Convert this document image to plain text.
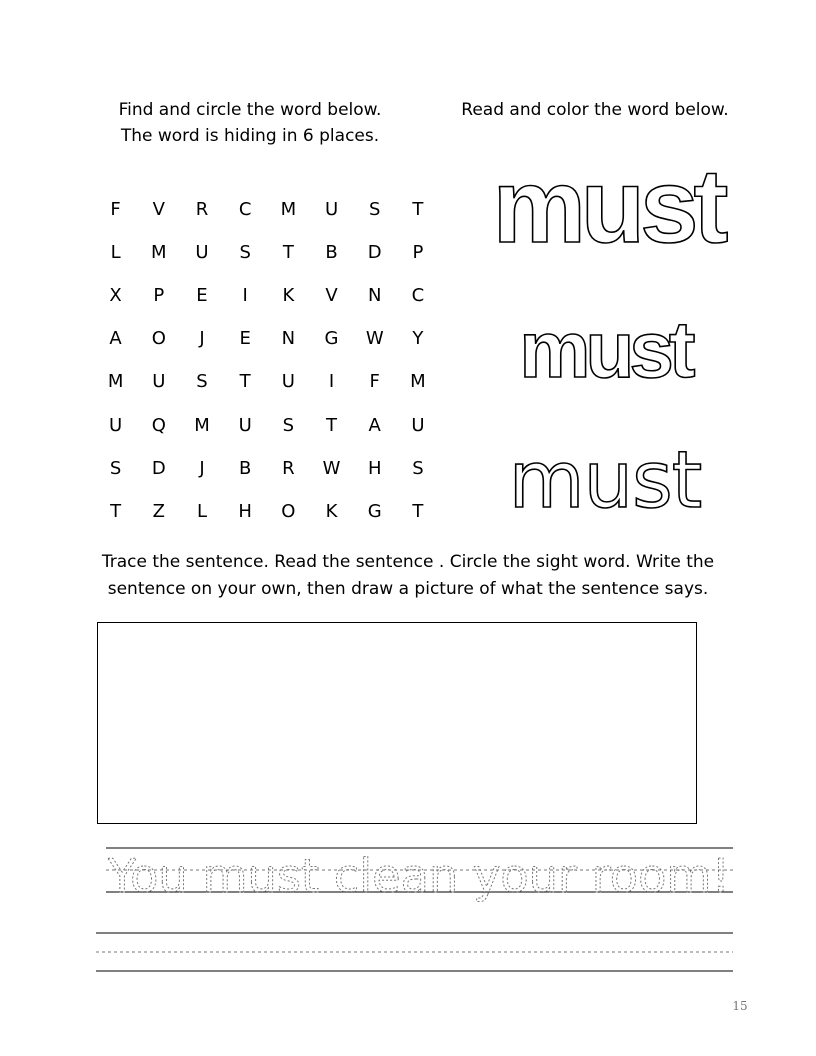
Find and circle the word below.
The word is hiding in 6 places.

Read and color the word below.

F	V	R	C	M	U	S	T
L	M	U	S	T	B	D	P
X	P	E	I	K	V	N	C
A	O	J	E	N	G	W	Y
M	U	S	T	U	I	F	M
U	Q	M	U	S	T	A	U
S	D	J	B	R	W	H	S
T	Z	L	H	O	K	G	T
must
must
must

Trace the sentence. Read the sentence . Circle the sight word. Write the
sentence on your own, then draw a picture of what the sentence says.

You must clean your room!
15
